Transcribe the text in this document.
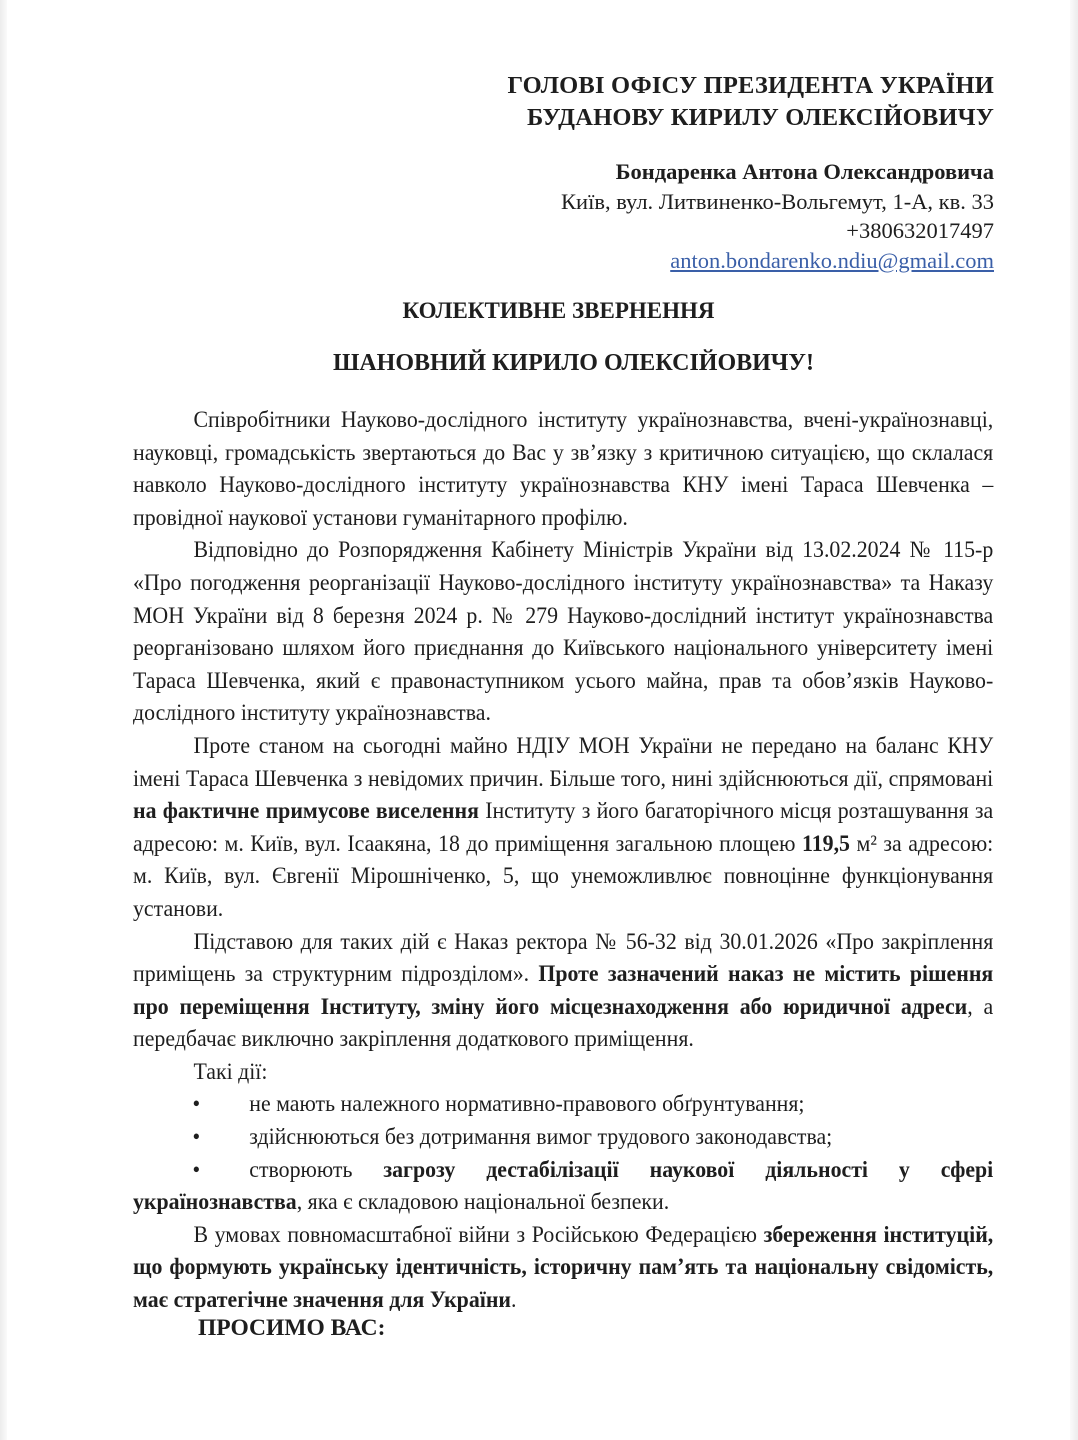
ГОЛОВІ ОФІСУ ПРЕЗИДЕНТА УКРАЇНИ
БУДАНОВУ КИРИЛУ ОЛЕКСІЙОВИЧУ
Бондаренка Антона Олександровича
Київ, вул. Литвиненко-Вольгемут, 1-А, кв. 33
+380632017497
anton.bondarenko.ndiu@gmail.com
КОЛЕКТИВНЕ ЗВЕРНЕННЯ
ШАНОВНИЙ КИРИЛО ОЛЕКСІЙОВИЧУ!

Співробітники Науково-дослідного інституту українознавства, вчені-українознавці, науковці, громадськість звертаються до Вас у зв’язку з критичною ситуацією, що склалася навколо Науково-дослідного інституту українознавства КНУ імені Тараса Шевченка – провідної наукової установи гуманітарного профілю.

Відповідно до Розпорядження Кабінету Міністрів України від 13.02.2024 № 115-р «Про погодження реорганізації Науково-дослідного інституту українознавства» та Наказу МОН України від 8 березня 2024 р. № 279 Науково-дослідний інститут українознавства реорганізовано шляхом його приєднання до Київського національного університету імені Тараса Шевченка, який є правонаступником усього майна, прав та обов’язків Науково-дослідного інституту українознавства.

Проте станом на сьогодні майно НДІУ МОН України не передано на баланс КНУ імені Тараса Шевченка з невідомих причин. Більше того, нині здійснюються дії, спрямовані на фактичне примусове виселення Інституту з його багаторічного місця розташування за адресою: м. Київ, вул. Ісаакяна, 18 до приміщення загальною площею 119,5 м² за адресою: м. Київ, вул. Євгенії Мірошніченко, 5, що унеможливлює повноцінне функціонування установи.

Підставою для таких дій є Наказ ректора № 56-32 від 30.01.2026 «Про закріплення приміщень за структурним підрозділом». Проте зазначений наказ не містить рішення про переміщення Інституту, зміну його місцезнаходження або юридичної адреси, а передбачає виключно закріплення додаткового приміщення.

Такі дії:

• не мають належного нормативно-правового обґрунтування;
• здійснюються без дотримання вимог трудового законодавства;
• створюють загрозу дестабілізації наукової діяльності у сфері українознавства, яка є складовою національної безпеки.

В умовах повномасштабної війни з Російською Федерацією збереження інституцій, що формують українську ідентичність, історичну пам’ять та національну свідомість, має стратегічне значення для України.

ПРОСИМО ВАС:
